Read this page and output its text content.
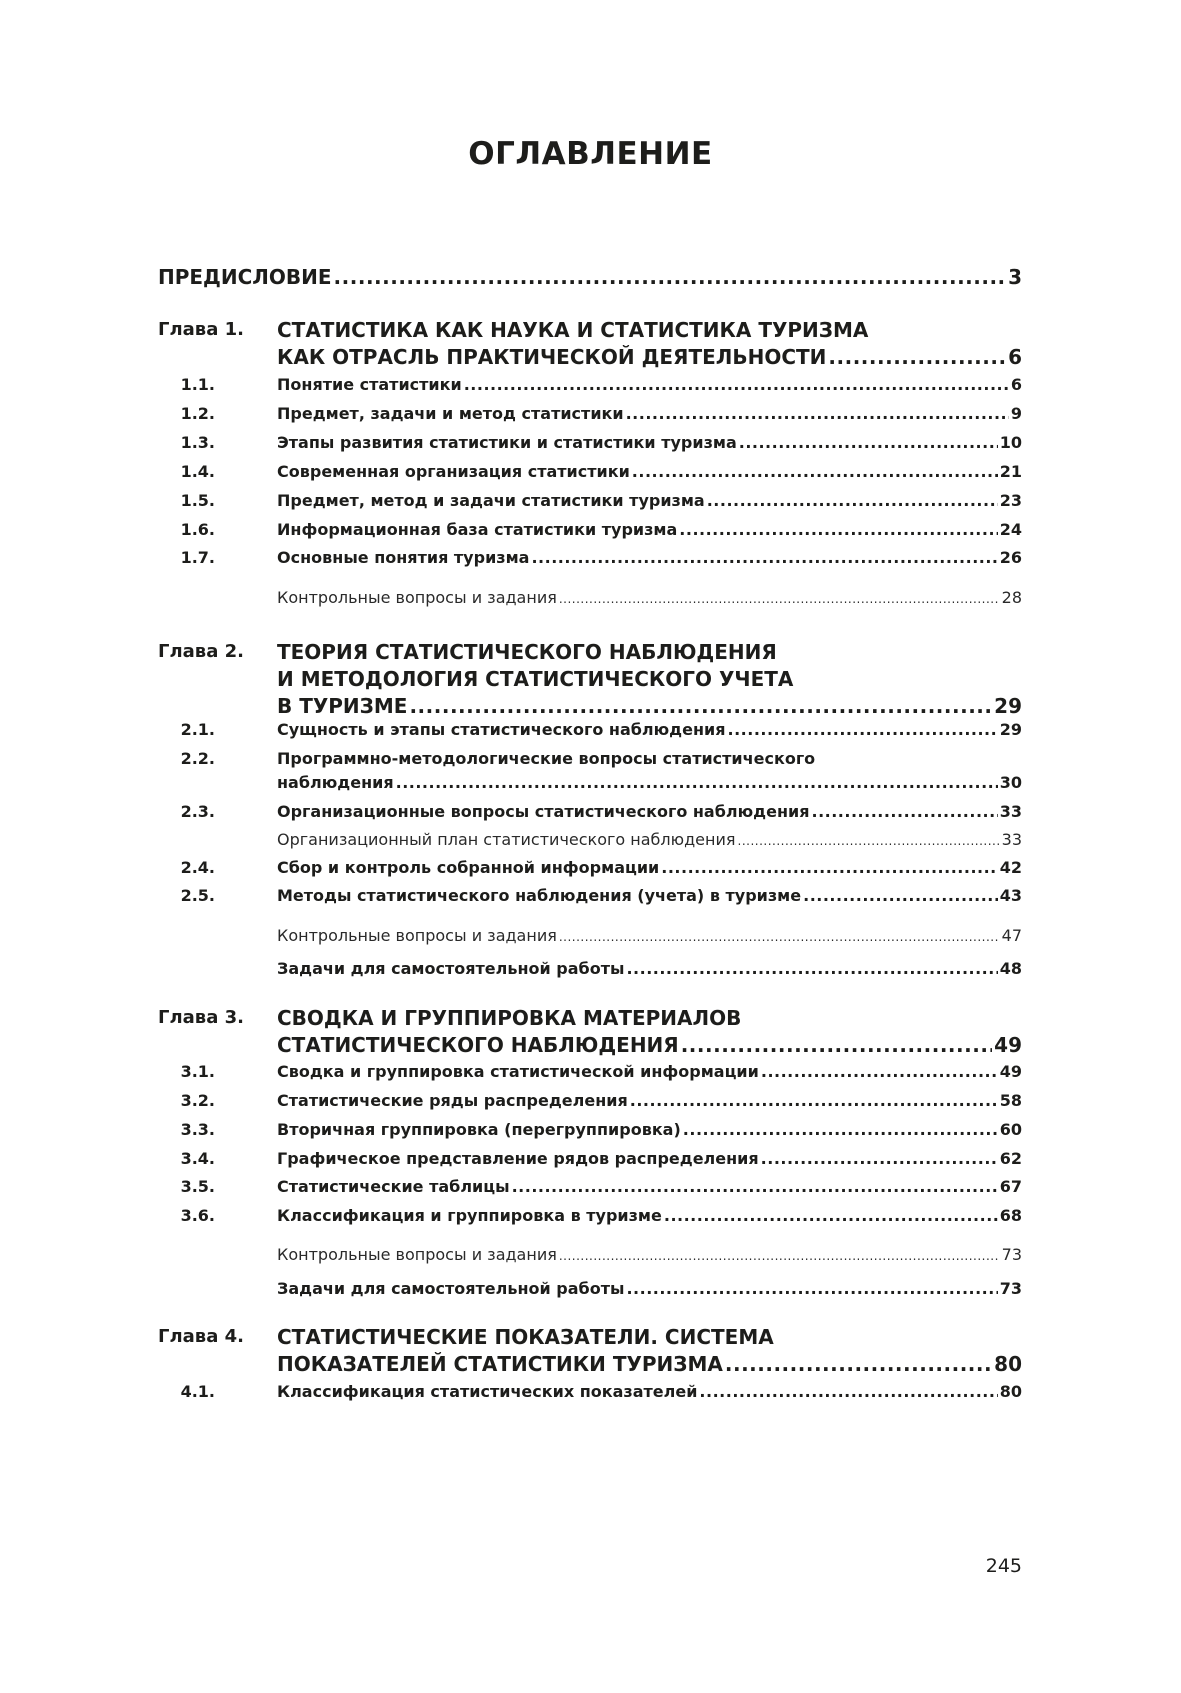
ОГЛАВЛЕНИЕ
ПРЕДИСЛОВИЕ .....	3
Глава 1.	СТАТИСТИКА КАК НАУКА И СТАТИСТИКА ТУРИЗМА
КАК ОТРАСЛЬ ПРАКТИЧЕСКОЙ ДЕЯТЕЛЬНОСТИ .....	6
1.1.	Понятие статистики .....	6
1.2.	Предмет, задачи и метод статистики .....	9
1.3.	Этапы развития статистики и статистики туризма .....	10
1.4.	Современная организация статистики .....	21
1.5.	Предмет, метод и задачи статистики туризма .....	23
1.6.	Информационная база статистики туризма .....	24
1.7.	Основные понятия туризма .....	26
Контрольные вопросы и задания .....	28
Глава 2.	ТЕОРИЯ СТАТИСТИЧЕСКОГО НАБЛЮДЕНИЯ
И МЕТОДОЛОГИЯ СТАТИСТИЧЕСКОГО УЧЕТА
В ТУРИЗМЕ .....	29
2.1.	Сущность и этапы статистического наблюдения .....	29
2.2.	Программно-методологические вопросы статистического
наблюдения .....	30
2.3.	Организационные вопросы статистического наблюдения .....	33
Организационный план статистического наблюдения .....	33
2.4.	Сбор и контроль собранной информации .....	42
2.5.	Методы статистического наблюдения (учета) в туризме .....	43
Контрольные вопросы и задания .....	47
Задачи для самостоятельной работы .....	48
Глава 3.	СВОДКА И ГРУППИРОВКА МАТЕРИАЛОВ
СТАТИСТИЧЕСКОГО НАБЛЮДЕНИЯ .....	49
3.1.	Сводка и группировка статистической информации .....	49
3.2.	Статистические ряды распределения .....	58
3.3.	Вторичная группировка (перегруппировка) .....	60
3.4.	Графическое представление рядов распределения .....	62
3.5.	Статистические таблицы .....	67
3.6.	Классификация и группировка в туризме .....	68
Контрольные вопросы и задания .....	73
Задачи для самостоятельной работы .....	73
Глава 4.	СТАТИСТИЧЕСКИЕ ПОКАЗАТЕЛИ. СИСТЕМА
ПОКАЗАТЕЛЕЙ СТАТИСТИКИ ТУРИЗМА .....	80
4.1.	Классификация статистических показателей .....	80
245
